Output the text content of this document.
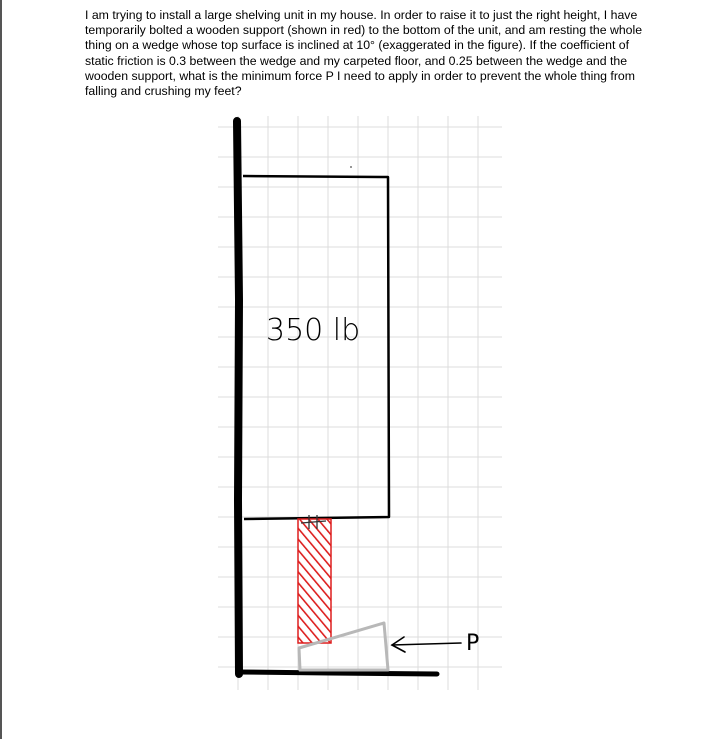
I am trying to install a large shelving unit in my house. In order to raise it to just the right height, I have temporarily bolted a wooden support (shown in red) to the bottom of the unit, and am resting the whole thing on a wedge whose top surface is inclined at 10° (exaggerated in the figure). If the coefficient of static friction is 0.3 between the wedge and my carpeted floor, and 0.25 between the wedge and the wooden support, what is the minimum force P I need to apply in order to prevent the whole thing from falling and crushing my feet?

P
350 lb
